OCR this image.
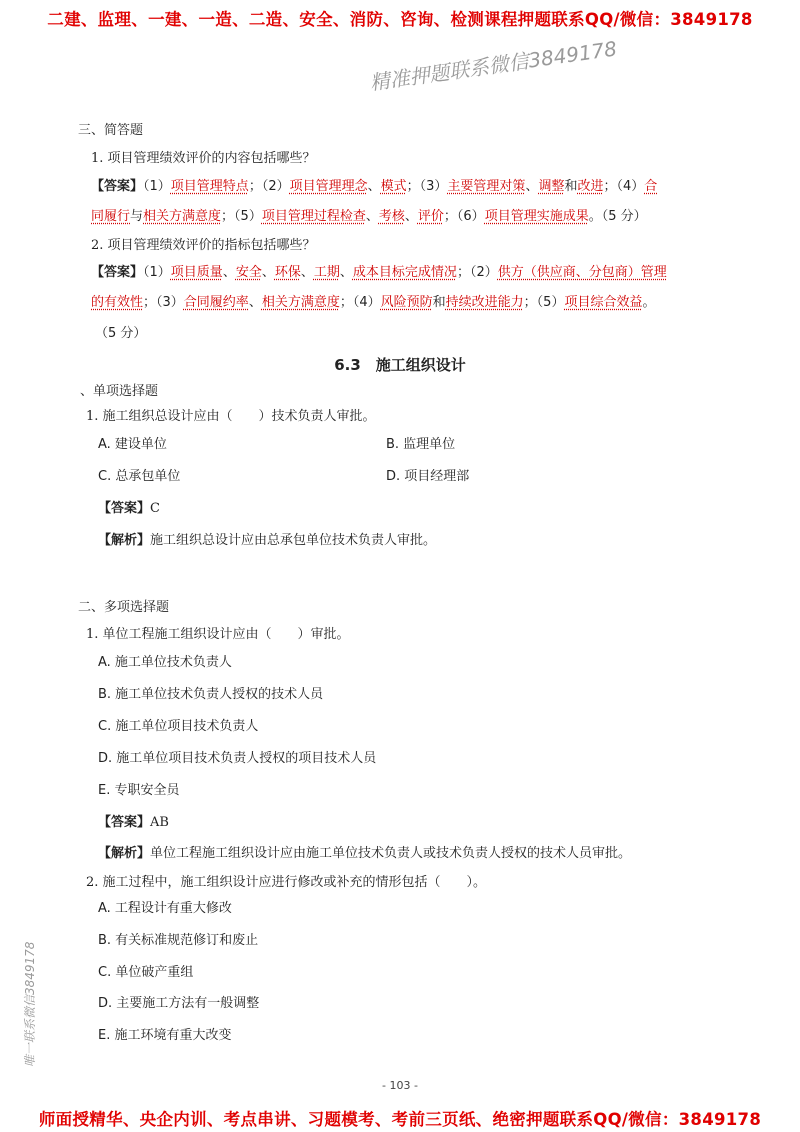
二建、监理、一建、一造、二造、安全、消防、咨询、检测课程押题联系QQ/微信：3849178
三、简答题
1. 项目管理绩效评价的内容包括哪些？
【答案】（1）项目管理特点；（2）项目管理理念、模式；（3）主要管理对策、调整和改进；（4）合
同履行与相关方满意度；（5）项目管理过程检查、考核、评价；（6）项目管理实施成果。（5 分）
2. 项目管理绩效评价的指标包括哪些？
【答案】（1）项目质量、安全、环保、工期、成本目标完成情况；（2）供方（供应商、分包商）管理
的有效性；（3）合同履约率、相关方满意度；（4）风险预防和持续改进能力；（5）项目综合效益。
（5 分）
6.3　施工组织设计
、单项选择题
1. 施工组织总设计应由（　　）技术负责人审批。
A. 建设单位	B. 监理单位
C. 总承包单位	D. 项目经理部
【答案】C
【解析】施工组织总设计应由总承包单位技术负责人审批。
二、多项选择题
1. 单位工程施工组织设计应由（　　）审批。
A. 施工单位技术负责人
B. 施工单位技术负责人授权的技术人员
C. 施工单位项目技术负责人
D. 施工单位项目技术负责人授权的项目技术人员
E. 专职安全员
【答案】AB
【解析】单位工程施工组织设计应由施工单位技术负责人或技术负责人授权的技术人员审批。
2. 施工过程中，施工组织设计应进行修改或补充的情形包括（　　）。
A. 工程设计有重大修改
B. 有关标准规范修订和废止
C. 单位破产重组
D. 主要施工方法有一般调整
E. 施工环境有重大改变
精准押题联系微信3849178
唯一联系微信3849178
- 103 -
师面授精华、央企内训、考点串讲、习题模考、考前三页纸、绝密押题联系QQ/微信：3849178
